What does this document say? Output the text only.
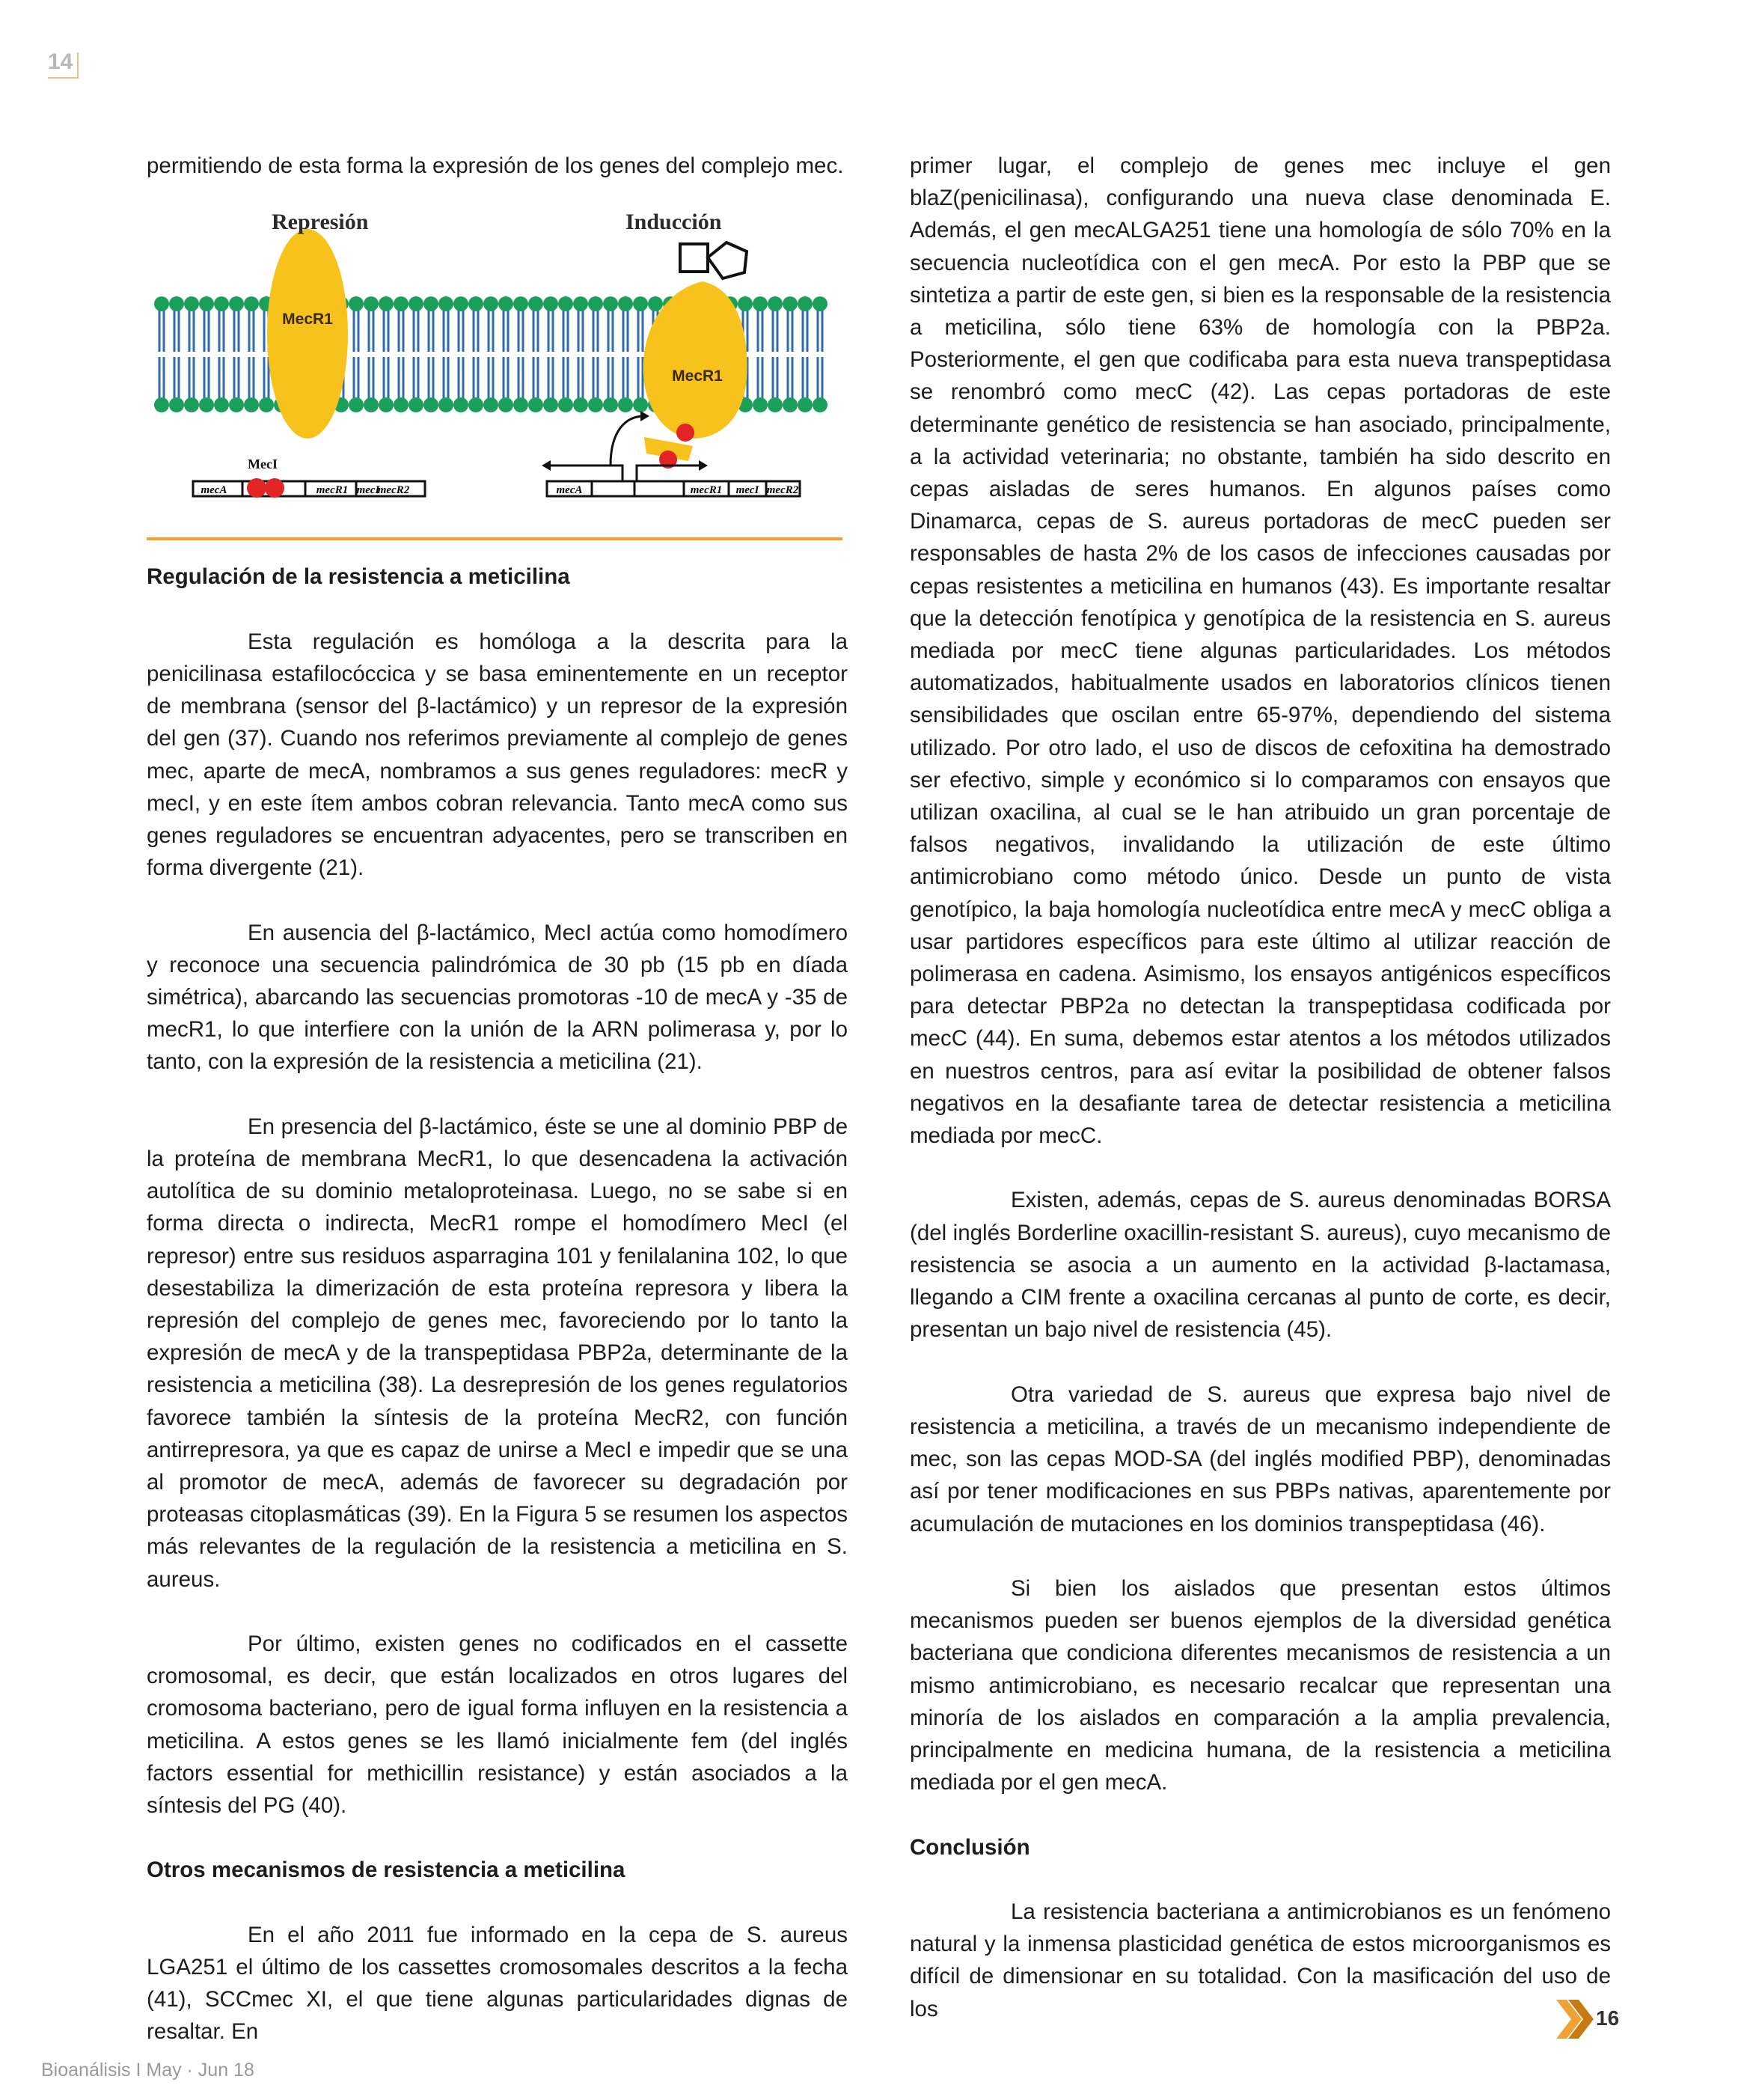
14

permitiendo de esta forma la expresión de los genes del complejo mec.

MecR1
MecR1
Represión	Inducción
MecI
mecA	mecR1 mecI
mecR2	mecA	mecR1 mecI mecR2
Regulación de la resistencia a meticilina

Esta regulación es homóloga a la descrita para la penicilinasa estafilocóccica y se basa eminentemente en un receptor de membrana (sensor del β-lactámico) y un represor de la expresión del gen (37). Cuando nos referimos previamente al complejo de genes mec, aparte de mecA, nombramos a sus genes reguladores: mecR y mecI, y en este ítem ambos cobran relevancia. Tanto mecA como sus genes reguladores se encuentran adyacentes, pero se transcriben en forma divergente (21).

En ausencia del β-lactámico, MecI actúa como homodímero y reconoce una secuencia palindrómica de 30 pb (15 pb en díada simétrica), abarcando las secuencias promotoras -10 de mecA y -35 de mecR1, lo que interfiere con la unión de la ARN polimerasa y, por lo tanto, con la expresión de la resistencia a meticilina (21).

En presencia del β-lactámico, éste se une al dominio PBP de la proteína de membrana MecR1, lo que desencadena la activación autolítica de su dominio metaloproteinasa. Luego, no se sabe si en forma directa o indirecta, MecR1 rompe el homodímero MecI (el represor) entre sus residuos asparragina 101 y fenilalanina 102, lo que desestabiliza la dimerización de esta proteína represora y libera la represión del complejo de genes mec, favoreciendo por lo tanto la expresión de mecA y de la transpeptidasa PBP2a, determinante de la resistencia a meticilina (38). La desrepresión de los genes regulatorios favorece también la síntesis de la proteína MecR2, con función antirrepresora, ya que es capaz de unirse a MecI e impedir que se una al promotor de mecA, además de favorecer su degradación por proteasas citoplasmáticas (39). En la Figura 5 se resumen los aspectos más relevantes de la regulación de la resistencia a meticilina en S. aureus.

Por último, existen genes no codificados en el cassette cromosomal, es decir, que están localizados en otros lugares del cromosoma bacteriano, pero de igual forma influyen en la resistencia a meticilina. A estos genes se les llamó inicialmente fem (del inglés factors essential for methicillin resistance) y están asociados a la síntesis del PG (40).

Otros mecanismos de resistencia a meticilina

En el año 2011 fue informado en la cepa de S. aureus LGA251 el último de los cassettes cromosomales descritos a la fecha (41), SCCmec XI, el que tiene algunas particularidades dignas de resaltar. En

primer lugar, el complejo de genes mec incluye el gen blaZ(penicilinasa), configurando una nueva clase denominada E. Además, el gen mecALGA251 tiene una homología de sólo 70% en la secuencia nucleotídica con el gen mecA. Por esto la PBP que se sintetiza a partir de este gen, si bien es la responsable de la resistencia a meticilina, sólo tiene 63% de homología con la PBP2a. Posteriormente, el gen que codificaba para esta nueva transpeptidasa se renombró como mecC (42). Las cepas portadoras de este determinante genético de resistencia se han asociado, principalmente, a la actividad veterinaria; no obstante, también ha sido descrito en cepas aisladas de seres humanos. En algunos países como Dinamarca, cepas de S. aureus portadoras de mecC pueden ser responsables de hasta 2% de los casos de infecciones causadas por cepas resistentes a meticilina en humanos (43). Es importante resaltar que la detección fenotípica y genotípica de la resistencia en S. aureus mediada por mecC tiene algunas particularidades. Los métodos automatizados, habitualmente usados en laboratorios clínicos tienen sensibilidades que oscilan entre 65-97%, dependiendo del sistema utilizado. Por otro lado, el uso de discos de cefoxitina ha demostrado ser efectivo, simple y económico si lo comparamos con ensayos que utilizan oxacilina, al cual se le han atribuido un gran porcentaje de falsos negativos, invalidando la utilización de este último antimicrobiano como método único. Desde un punto de vista genotípico, la baja homología nucleotídica entre mecA y mecC obliga a usar partidores específicos para este último al utilizar reacción de polimerasa en cadena. Asimismo, los ensayos antigénicos específicos para detectar PBP2a no detectan la transpeptidasa codificada por mecC (44). En suma, debemos estar atentos a los métodos utilizados en nuestros centros, para así evitar la posibilidad de obtener falsos negativos en la desafiante tarea de detectar resistencia a meticilina mediada por mecC.

Existen, además, cepas de S. aureus denominadas BORSA (del inglés Borderline oxacillin-resistant S. aureus), cuyo mecanismo de resistencia se asocia a un aumento en la actividad β-lactamasa, llegando a CIM frente a oxacilina cercanas al punto de corte, es decir, presentan un bajo nivel de resistencia (45).

Otra variedad de S. aureus que expresa bajo nivel de resistencia a meticilina, a través de un mecanismo independiente de mec, son las cepas MOD-SA (del inglés modified PBP), denominadas así por tener modificaciones en sus PBPs nativas, aparentemente por acumulación de mutaciones en los dominios transpeptidasa (46).

Si bien los aislados que presentan estos últimos mecanismos pueden ser buenos ejemplos de la diversidad genética bacteriana que condiciona diferentes mecanismos de resistencia a un mismo antimicrobiano, es necesario recalcar que representan una minoría de los aislados en comparación a la amplia prevalencia, principalmente en medicina humana, de la resistencia a meticilina mediada por el gen mecA.

Conclusión

La resistencia bacteriana a antimicrobianos es un fenómeno natural y la inmensa plasticidad genética de estos microorganismos es difícil de dimensionar en su totalidad. Con la masificación del uso de los	16
Bioanálisis I May · Jun 18
